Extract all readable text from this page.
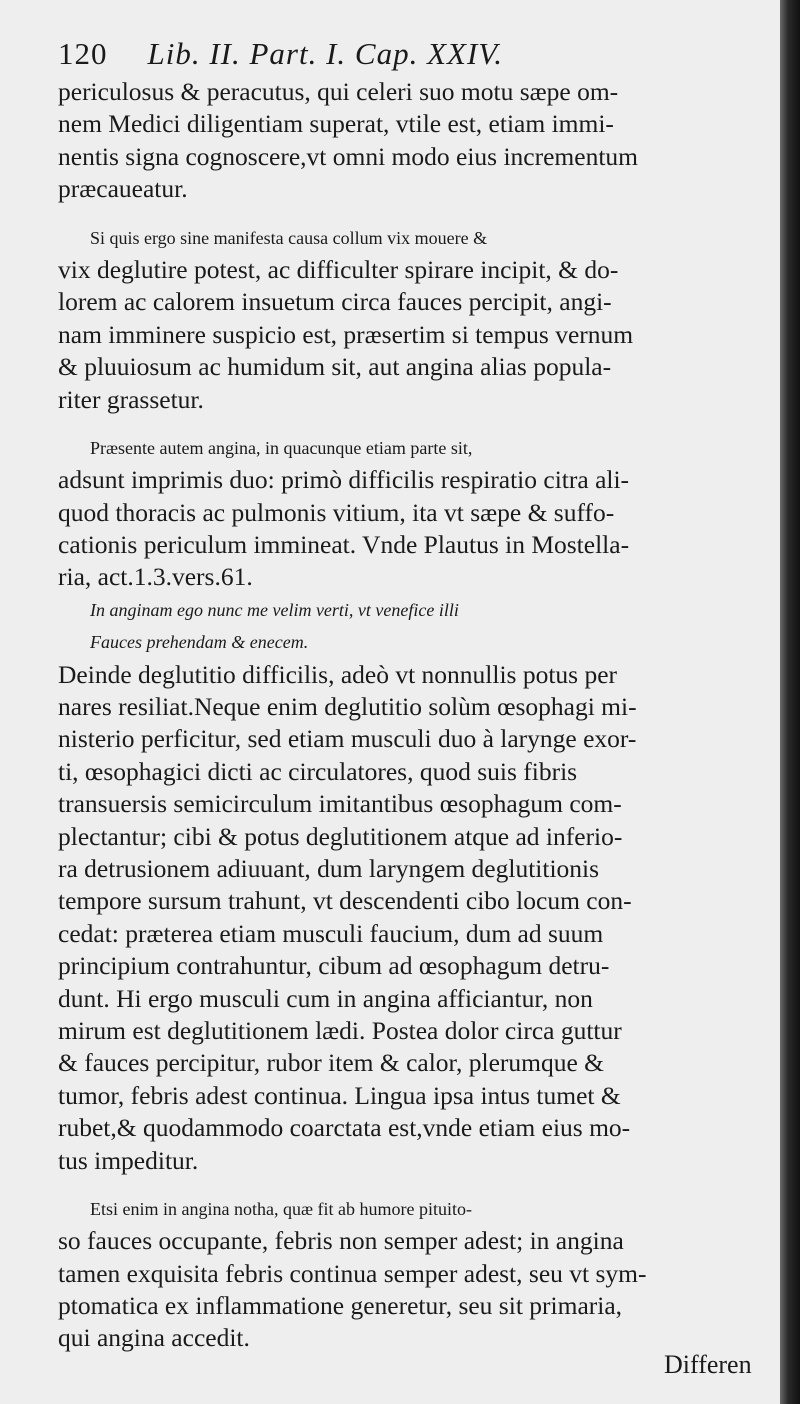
120 Lib. II. Part. I. Cap. XXIV.
periculosus & peracutus, qui celeri suo motu sæpe om-
nem Medici diligentiam superat, vtile est, etiam immi-
nentis signa cognoscere,vt omni modo eius incrementum
præcaueatur.
Si quis ergo sine manifesta causa collum vix mouere &
vix deglutire potest, ac difficulter spirare incipit, & do-
lorem ac calorem insuetum circa fauces percipit, angi-
nam imminere suspicio est, præsertim si tempus vernum
& pluuiosum ac humidum sit, aut angina alias popula-
riter grassetur.
Præsente autem angina, in quacunque etiam parte sit,
adsunt imprimis duo: primò difficilis respiratio citra ali-
quod thoracis ac pulmonis vitium, ita vt sæpe & suffo-
cationis periculum immineat. Vnde Plautus in Mostella-
ria, act.1.3.vers.61.
In anginam ego nunc me velim verti, vt venefice illi
Fauces prehendam & enecem.
Deinde deglutitio difficilis, adeò vt nonnullis potus per
nares resiliat.Neque enim deglutitio solùm œsophagi mi-
nisterio perficitur, sed etiam musculi duo à larynge exor-
ti, œsophagici dicti ac circulatores, quod suis fibris
transuersis semicirculum imitantibus œsophagum com-
plectantur; cibi & potus deglutitionem atque ad inferio-
ra detrusionem adiuuant, dum laryngem deglutitionis
tempore sursum trahunt, vt descendenti cibo locum con-
cedat: præterea etiam musculi faucium, dum ad suum
principium contrahuntur, cibum ad œsophagum detru-
dunt. Hi ergo musculi cum in angina afficiantur, non
mirum est deglutitionem lædi. Postea dolor circa guttur
& fauces percipitur, rubor item & calor, plerumque &
tumor, febris adest continua. Lingua ipsa intus tumet &
rubet,& quodammodo coarctata est,vnde etiam eius mo-
tus impeditur.
Etsi enim in angina notha, quæ fit ab humore pituito-
so fauces occupante, febris non semper adest; in angina
tamen exquisita febris continua semper adest, seu vt sym-
ptomatica ex inflammatione generetur, seu sit primaria,
qui angina accedit.
Differen
